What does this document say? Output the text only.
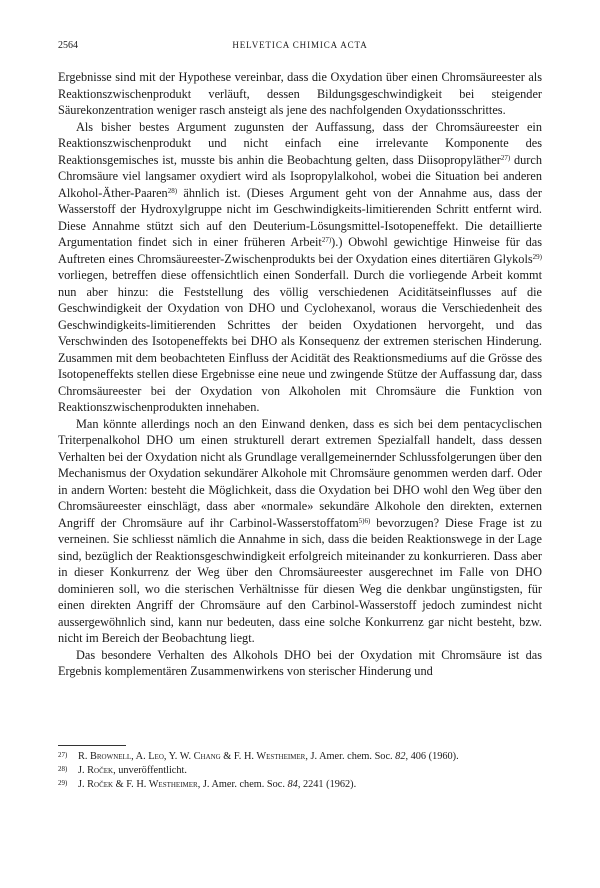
2564	HELVETICA CHIMICA ACTA

Ergebnisse sind mit der Hypothese vereinbar, dass die Oxydation über einen Chromsäureester als Reaktionszwischenprodukt verläuft, dessen Bildungsgeschwindigkeit bei steigender Säurekonzentration weniger rasch ansteigt als jene des nachfolgenden Oxydationsschrittes.

Als bisher bestes Argument zugunsten der Auffassung, dass der Chromsäureester ein Reaktionszwischenprodukt und nicht einfach eine irrelevante Komponente des Reaktionsgemisches ist, musste bis anhin die Beobachtung gelten, dass Diisopropyläther$^{27)}$ durch Chromsäure viel langsamer oxydiert wird als Isopropylalkohol, wobei die Situation bei anderen Alkohol-Äther-Paaren$^{28)}$ ähnlich ist. (Dieses Argument geht von der Annahme aus, dass der Wasserstoff der Hydroxylgruppe nicht im Geschwindigkeits-limitierenden Schritt entfernt wird. Diese Annahme stützt sich auf den Deuterium-Lösungsmittel-Isotopeneffekt. Die detaillierte Argumentation findet sich in einer früheren Arbeit$^{27)}$).) Obwohl gewichtige Hinweise für das Auftreten eines Chromsäureester-Zwischenprodukts bei der Oxydation eines ditertiären Glykols$^{29)}$ vorliegen, betreffen diese offensichtlich einen Sonderfall. Durch die vorliegende Arbeit kommt nun aber hinzu: die Feststellung des völlig verschiedenen Aciditätseinflusses auf die Geschwindigkeit der Oxydation von DHO und Cyclohexanol, woraus die Verschiedenheit des Geschwindigkeits-limitierenden Schrittes der beiden Oxydationen hervorgeht, und das Verschwinden des Isotopeneffekts bei DHO als Konsequenz der extremen sterischen Hinderung. Zusammen mit dem beobachteten Einfluss der Acidität des Reaktionsmediums auf die Grösse des Isotopeneffekts stellen diese Ergebnisse eine neue und zwingende Stütze der Auffassung dar, dass Chromsäureester bei der Oxydation von Alkoholen mit Chromsäure die Funktion von Reaktionszwischenprodukten innehaben.

Man könnte allerdings noch an den Einwand denken, dass es sich bei dem pentacyclischen Triterpenalkohol DHO um einen strukturell derart extremen Spezialfall handelt, dass dessen Verhalten bei der Oxydation nicht als Grundlage verallgemeinernder Schlussfolgerungen über den Mechanismus der Oxydation sekundärer Alkohole mit Chromsäure genommen werden darf. Oder in andern Worten: besteht die Möglichkeit, dass die Oxydation bei DHO wohl den Weg über den Chromsäureester einschlägt, dass aber «normale» sekundäre Alkohole den direkten, externen Angriff der Chromsäure auf ihr Carbinol-Wasserstoffatom$^{5)6)}$ bevorzugen? Diese Frage ist zu verneinen. Sie schliesst nämlich die Annahme in sich, dass die beiden Reaktionswege in der Lage sind, bezüglich der Reaktionsgeschwindigkeit erfolgreich miteinander zu konkurrieren. Dass aber in dieser Konkurrenz der Weg über den Chromsäureester ausgerechnet im Falle von DHO dominieren soll, wo die sterischen Verhältnisse für diesen Weg die denkbar ungünstigsten, für einen direkten Angriff der Chromsäure auf den Carbinol-Wasserstoff jedoch zumindest nicht aussergewöhnlich sind, kann nur bedeuten, dass eine solche Konkurrenz gar nicht besteht, bzw. nicht im Bereich der Beobachtung liegt.

Das besondere Verhalten des Alkohols DHO bei der Oxydation mit Chromsäure ist das Ergebnis komplementären Zusammenwirkens von sterischer Hinderung und

27) R. Brownell, A. Leo, Y. W. Chang & F. H. Westheimer, J. Amer. chem. Soc. 82, 406 (1960).
28) J. Roček, unveröffentlicht.
29) J. Roček & F. H. Westheimer, J. Amer. chem. Soc. 84, 2241 (1962).
